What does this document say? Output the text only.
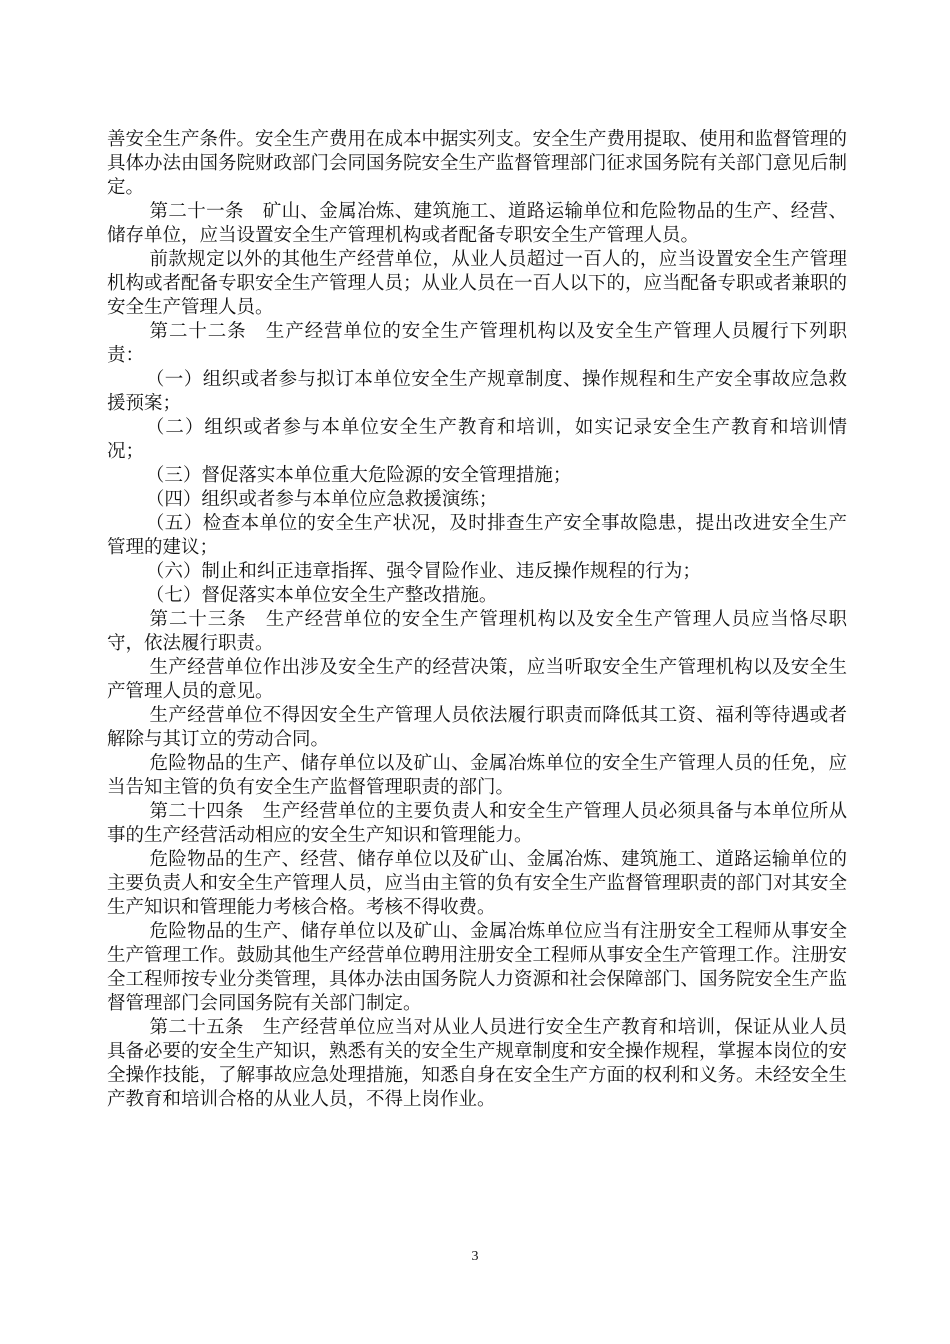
善安全生产条件。安全生产费用在成本中据实列支。安全生产费用提取、使用和监督管理的具体办法由国务院财政部门会同国务院安全生产监督管理部门征求国务院有关部门意见后制定。

第二十一条　矿山、金属冶炼、建筑施工、道路运输单位和危险物品的生产、经营、储存单位，应当设置安全生产管理机构或者配备专职安全生产管理人员。

前款规定以外的其他生产经营单位，从业人员超过一百人的，应当设置安全生产管理机构或者配备专职安全生产管理人员；从业人员在一百人以下的，应当配备专职或者兼职的安全生产管理人员。

第二十二条　生产经营单位的安全生产管理机构以及安全生产管理人员履行下列职责：

（一）组织或者参与拟订本单位安全生产规章制度、操作规程和生产安全事故应急救援预案；

（二）组织或者参与本单位安全生产教育和培训，如实记录安全生产教育和培训情况；

（三）督促落实本单位重大危险源的安全管理措施；

（四）组织或者参与本单位应急救援演练；

（五）检查本单位的安全生产状况，及时排查生产安全事故隐患，提出改进安全生产管理的建议；

（六）制止和纠正违章指挥、强令冒险作业、违反操作规程的行为；

（七）督促落实本单位安全生产整改措施。

第二十三条　生产经营单位的安全生产管理机构以及安全生产管理人员应当恪尽职守，依法履行职责。

生产经营单位作出涉及安全生产的经营决策，应当听取安全生产管理机构以及安全生产管理人员的意见。

生产经营单位不得因安全生产管理人员依法履行职责而降低其工资、福利等待遇或者解除与其订立的劳动合同。

危险物品的生产、储存单位以及矿山、金属冶炼单位的安全生产管理人员的任免，应当告知主管的负有安全生产监督管理职责的部门。

第二十四条　生产经营单位的主要负责人和安全生产管理人员必须具备与本单位所从事的生产经营活动相应的安全生产知识和管理能力。

危险物品的生产、经营、储存单位以及矿山、金属冶炼、建筑施工、道路运输单位的主要负责人和安全生产管理人员，应当由主管的负有安全生产监督管理职责的部门对其安全生产知识和管理能力考核合格。考核不得收费。

危险物品的生产、储存单位以及矿山、金属冶炼单位应当有注册安全工程师从事安全生产管理工作。鼓励其他生产经营单位聘用注册安全工程师从事安全生产管理工作。注册安全工程师按专业分类管理，具体办法由国务院人力资源和社会保障部门、国务院安全生产监督管理部门会同国务院有关部门制定。

第二十五条　生产经营单位应当对从业人员进行安全生产教育和培训，保证从业人员具备必要的安全生产知识，熟悉有关的安全生产规章制度和安全操作规程，掌握本岗位的安全操作技能，了解事故应急处理措施，知悉自身在安全生产方面的权利和义务。未经安全生产教育和培训合格的从业人员，不得上岗作业。

3
